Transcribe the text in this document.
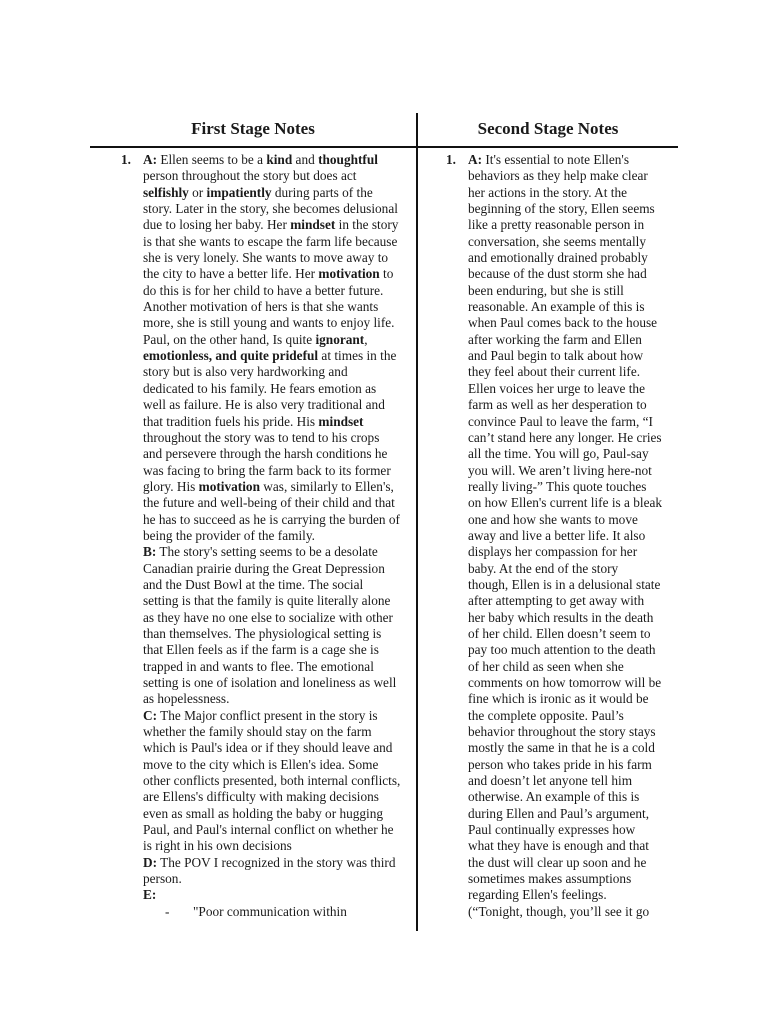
First Stage Notes	Second Stage Notes
1.	1.
A: Ellen seems to be a kind and thoughtful
person throughout the story but does act
selfishly or impatiently during parts of the
story. Later in the story, she becomes delusional
due to losing her baby. Her mindset in the story
is that she wants to escape the farm life because
she is very lonely. She wants to move away to
the city to have a better life. Her motivation to
do this is for her child to have a better future.
Another motivation of hers is that she wants
more, she is still young and wants to enjoy life.
Paul, on the other hand, Is quite ignorant,
emotionless, and quite prideful at times in the
story but is also very hardworking and
dedicated to his family. He fears emotion as
well as failure. He is also very traditional and
that tradition fuels his pride. His mindset
throughout the story was to tend to his crops
and persevere through the harsh conditions he
was facing to bring the farm back to its former
glory. His motivation was, similarly to Ellen's,
the future and well-being of their child and that
he has to succeed as he is carrying the burden of
being the provider of the family.
B: The story's setting seems to be a desolate
Canadian prairie during the Great Depression
and the Dust Bowl at the time. The social
setting is that the family is quite literally alone
as they have no one else to socialize with other
than themselves. The physiological setting is
that Ellen feels as if the farm is a cage she is
trapped in and wants to flee. The emotional
setting is one of isolation and loneliness as well
as hopelessness.
C: The Major conflict present in the story is
whether the family should stay on the farm
which is Paul's idea or if they should leave and
move to the city which is Ellen's idea. Some
other conflicts presented, both internal conflicts,
are Ellens's difficulty with making decisions
even as small as holding the baby or hugging
Paul, and Paul's internal conflict on whether he
is right in his own decisions
D: The POV I recognized in the story was third
person.
E:
- "Poor communication within
A: It's essential to note Ellen's
behaviors as they help make clear
her actions in the story. At the
beginning of the story, Ellen seems
like a pretty reasonable person in
conversation, she seems mentally
and emotionally drained probably
because of the dust storm she had
been enduring, but she is still
reasonable. An example of this is
when Paul comes back to the house
after working the farm and Ellen
and Paul begin to talk about how
they feel about their current life.
Ellen voices her urge to leave the
farm as well as her desperation to
convince Paul to leave the farm, “I
can’t stand here any longer. He cries
all the time. You will go, Paul-say
you will. We aren’t living here-not
really living-” This quote touches
on how Ellen's current life is a bleak
one and how she wants to move
away and live a better life. It also
displays her compassion for her
baby. At the end of the story
though, Ellen is in a delusional state
after attempting to get away with
her baby which results in the death
of her child. Ellen doesn’t seem to
pay too much attention to the death
of her child as seen when she
comments on how tomorrow will be
fine which is ironic as it would be
the complete opposite. Paul’s
behavior throughout the story stays
mostly the same in that he is a cold
person who takes pride in his farm
and doesn’t let anyone tell him
otherwise. An example of this is
during Ellen and Paul’s argument,
Paul continually expresses how
what they have is enough and that
the dust will clear up soon and he
sometimes makes assumptions
regarding Ellen's feelings.
(“Tonight, though, you’ll see it go
